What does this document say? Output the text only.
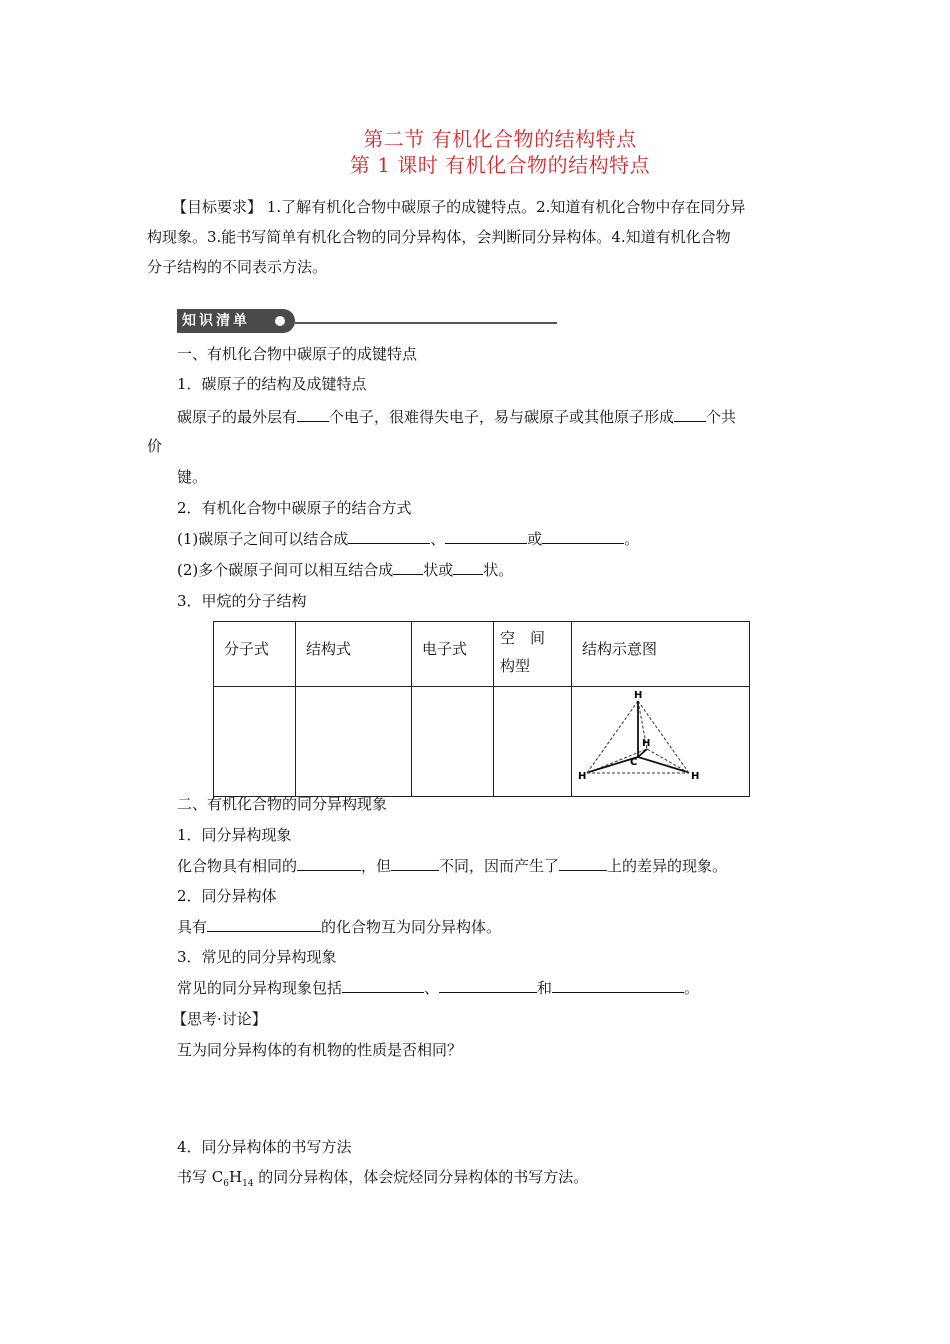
第二节 有机化合物的结构特点
第 1 课时 有机化合物的结构特点
【目标要求】 1.了解有机化合物中碳原子的成键特点。2.知道有机化合物中存在同分异
构现象。3.能书写简单有机化合物的同分异构体，会判断同分异构体。4.知道有机化合物
分子结构的不同表示方法。
知识清单
一、有机化合物中碳原子的成键特点
1．碳原子的结构及成键特点
碳原子的最外层有 个电子，很难得失电子，易与碳原子或其他原子形成 个共
价
键。
2．有机化合物中碳原子的结合方式
(1)碳原子之间可以结合成	、	或	。
(2)多个碳原子间可以相互结合成 状或 状。
3．甲烷的分子结构
分子式	结构式	电子式	空　间
构型	结构示意图

H
H
C
H H
二、有机化合物的同分异构现象
1．同分异构现象
化合物具有相同的	，但	不同，因而产生了	上的差异的现象。
2．同分异构体
具有	的化合物互为同分异构体。
3．常见的同分异构现象
常见的同分异构现象包括	、	和	。
【思考·讨论】
互为同分异构体的有机物的性质是否相同？
4．同分异构体的书写方法
书写 $C_6H_{14}$ 的同分异构体，体会烷烃同分异构体的书写方法。
